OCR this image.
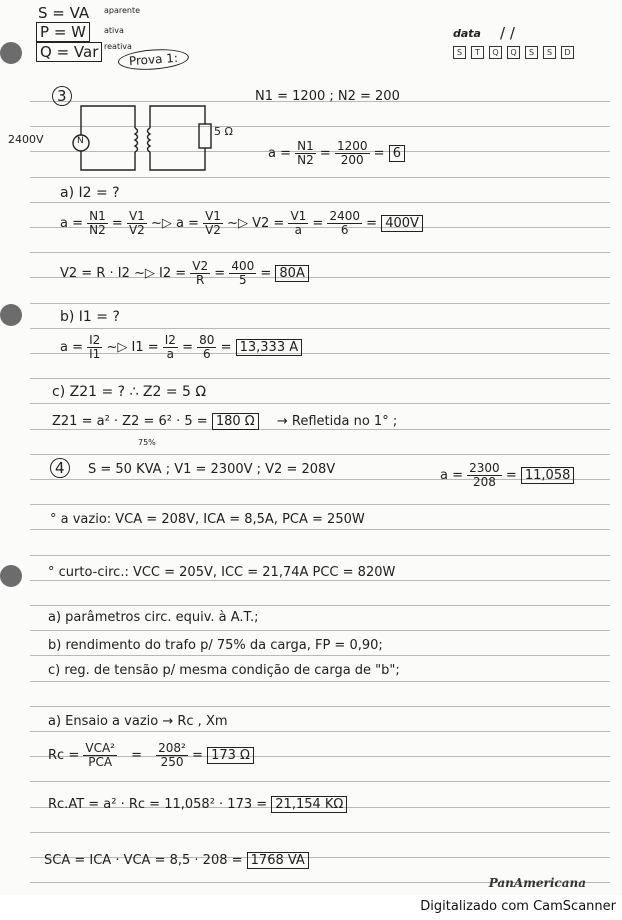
S = VA
P = W
Q = Var
aparente
ativa
reativa
Prova 1:
data / /
S	T	Q	Q	S	S	D
3	N1 = 1200 ; N2 = 200
2400V	N
5 Ω
$a = \frac{N1}{N2} = \frac{1200}{200} = 6$
a) I2 = ?
$a = \frac{N1}{N2} = \frac{V1}{V2}$ ~▷ $a = \frac{V1}{V2}$ ~▷ $V2 = \frac{V1}{a} = \frac{2400}{6} = 400V$
V2 = R · I2 ~▷ $I2 = \frac{V2}{R} = \frac{400}{5} = 80A$
b) I1 = ?
$a = \frac{I2}{I1}$ ~▷ $I1 = \frac{I2}{a} = \frac{80}{6} = 13,333$ A
c) Z21 = ? ∴ Z2 = 5 Ω
Z21 = a² · Z2 = 6² · 5 = 180 Ω → Refletida no 1° ;
75%
4	S = 50 KVA ; V1 = 2300V ; V2 = 208V	$a = \frac{2300}{208} = 11,058$
° a vazio: VCA = 208V, ICA = 8,5A, PCA = 250W
° curto-circ.: VCC = 205V, ICC = 21,74A PCC = 820W
a) parâmetros circ. equiv. à A.T.;
b) rendimento do trafo p/ 75% da carga, FP = 0,90;
c) reg. de tensão p/ mesma condição de carga de "b";
a) Ensaio a vazio → Rc , Xm
$Rc = \frac{\text{VCA²}}{\text{PCA}} = \frac{\text{208²}}{250} = 173$ Ω
Rc.AT = a² · Rc = 11,058² · 173 = 21,154 KΩ
SCA = ICA · VCA = 8,5 · 208 = 1768 VA
PanAmericana
Digitalizado com CamScanner
